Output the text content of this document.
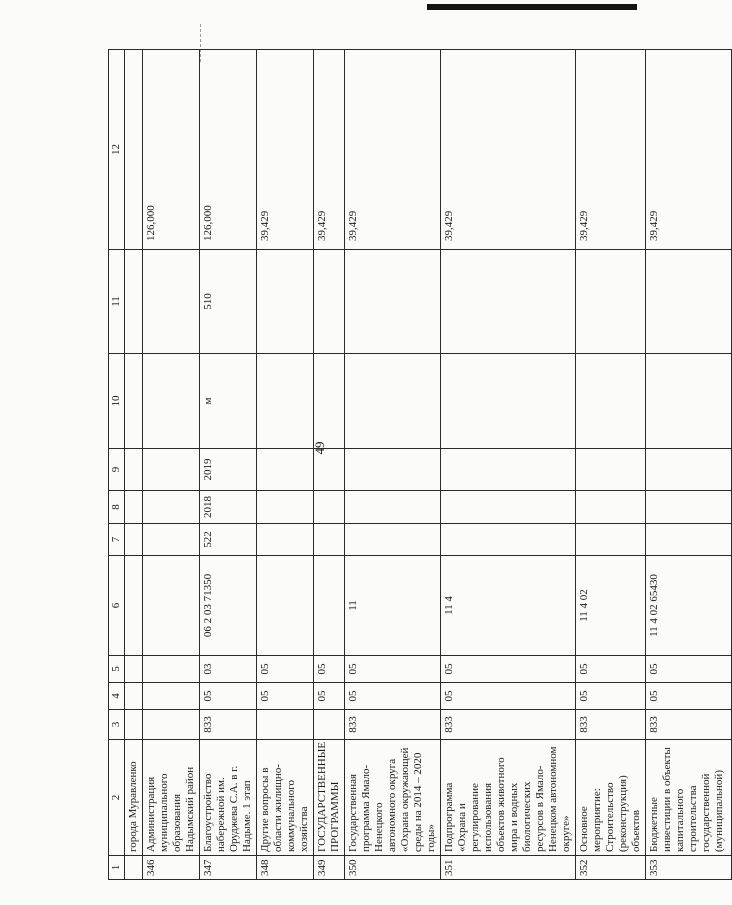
49
1	2	3	4	5	6	7	8	9	10	11	12
	города Муравленко										
346	Администрация муниципального образования Надымский район										126,000
347	Благоустройство набережной им. Оруджева С.А. в г. Надыме. 1 этап	833	05	03	06 2 03 71350	522	2018	2019	м	510	126,000
348	Другие вопросы в области жилищно-коммунального хозяйства		05	05							39,429
349	ГОСУДАРСТВЕННЫЕ ПРОГРАММЫ		05	05							39,429
350	Государственная программа Ямало-Ненецкого автономного округа «Охрана окружающей среды на 2014 – 2020 годы»	833	05	05	11						39,429
351	Подпрограмма «Охрана и регулирование использования объектов животного мира и водных биологических ресурсов в Ямало-Ненецком автономном округе»	833	05	05	11 4						39,429
352	Основное мероприятие: Строительство (реконструкция) объектов	833	05	05	11 4 02						39,429
353	Бюджетные инвестиции в объекты капитального строительства государственной (муниципальной)	833	05	05	11 4 02 65430						39,429
